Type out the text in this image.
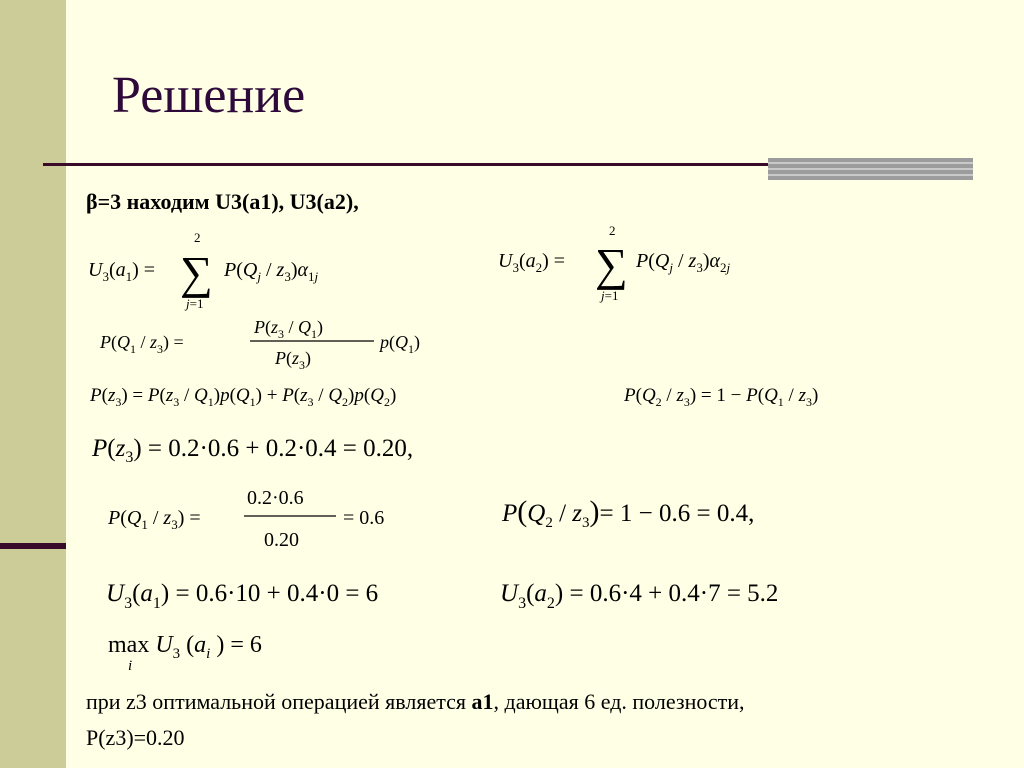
Решение
β=3 находим U3(a1), U3(a2),
$U_3(a_1)$ =
2
∑
j=1
$P(Q_j / z_3)\alpha_1j$
$U_3(a_2)$ =
2
∑
j=1
$P(Q_j / z_3)\alpha_2j$
$P(Q_1 / z_3)$ =
$P(z_3 / Q_1)$
$P(z_3)$
$p(Q_1)$
$P(z_3) = P(z_3 / Q_1)p(Q_1) + P(z_3 / Q_2)p(Q_2)$	$P(Q_2 / z_3) = 1 - P(Q_1 / z_3)$
$P(z_3) = 0.2\cdot 0.6 + 0.2\cdot 0.4 = 0.20$,
$P(Q_1 / z_3)$ =
0.2·0.6
0.20
= 0.6	$P(Q_2 / z_3)= 1 - 0.6 = 0.4$,
$U_3(a_1) = 0.6\cdot 10 + 0.4\cdot 0 = 6$	$U_3(a_2) = 0.6\cdot 4 + 0.4\cdot 7 = 5.2$
$\max U_3$ ($a_i$ ) = 6
i
при z3 оптимальной операцией является a1, дающая 6 ед. полезности,
P(z3)=0.20
